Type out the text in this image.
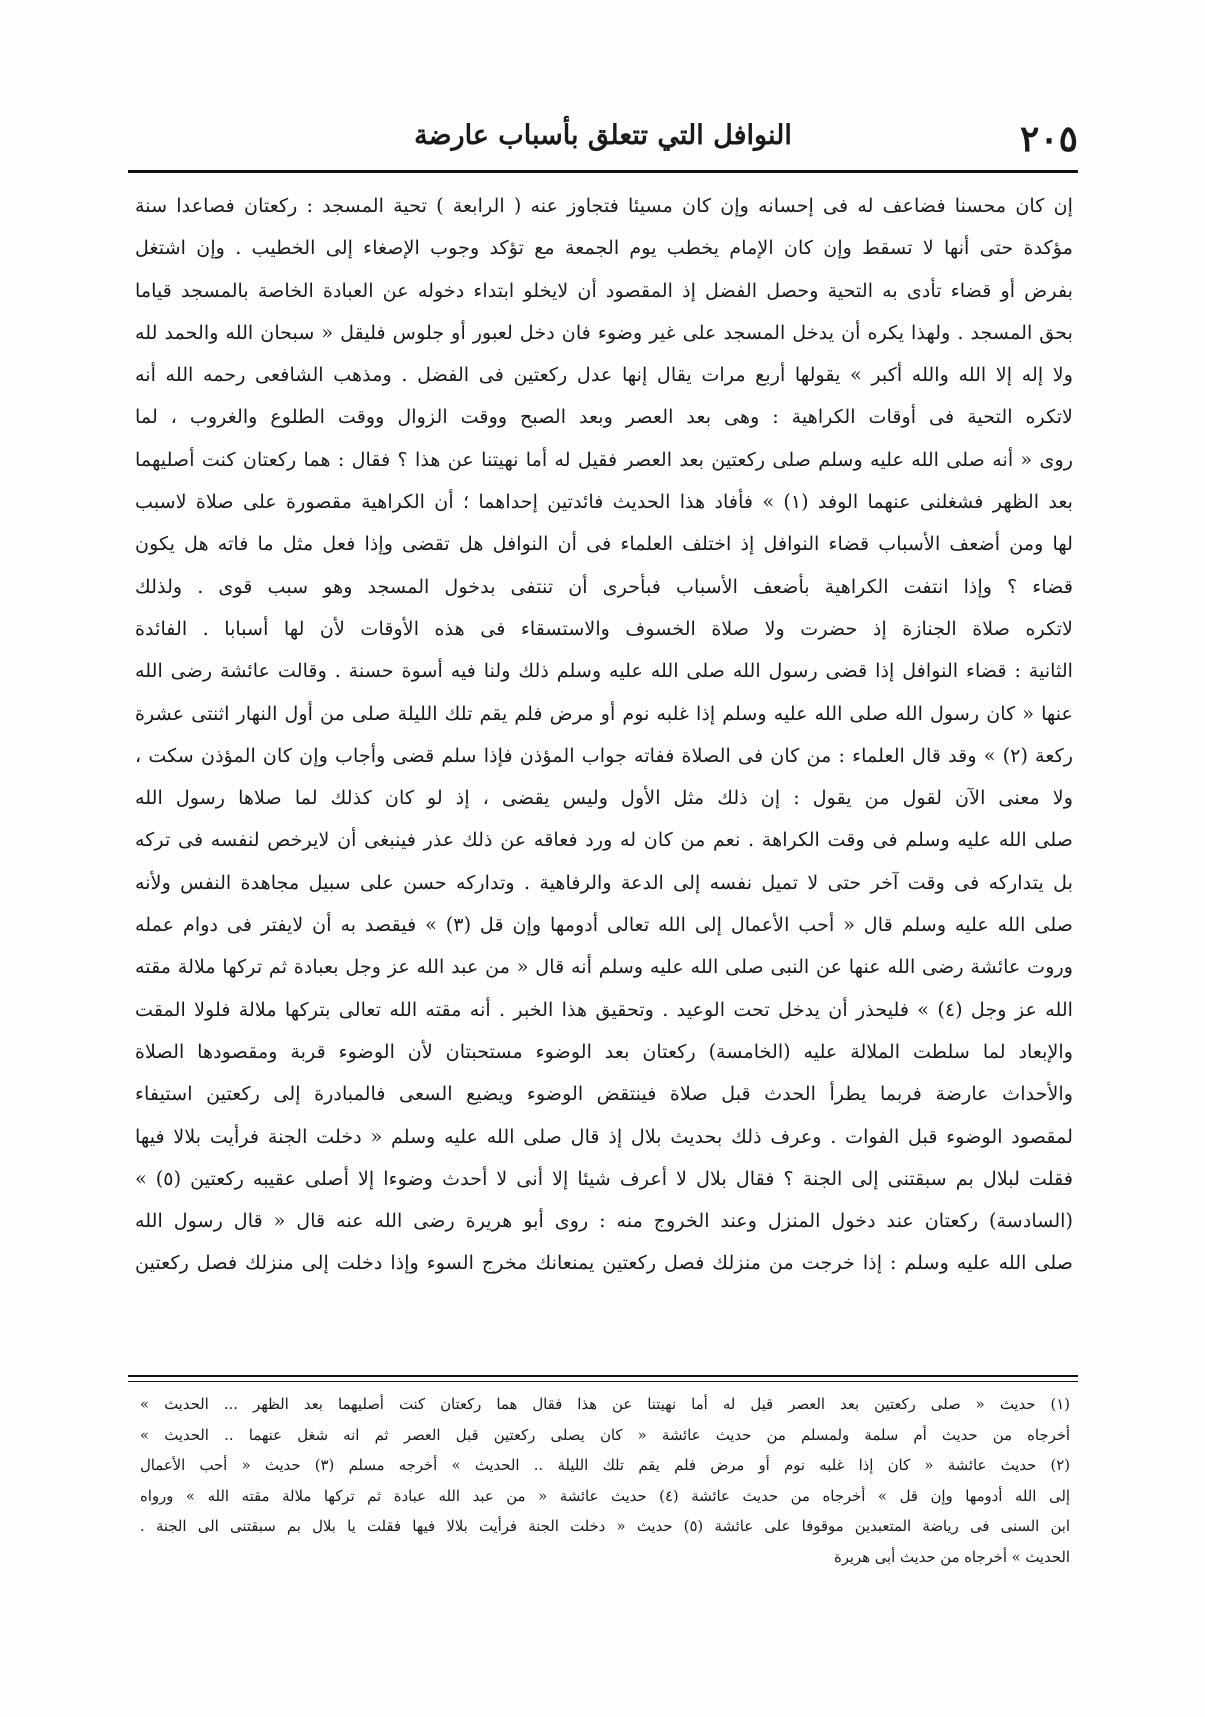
٢٠٥
النوافل التي تتعلق بأسباب عارضة
إن كان محسنا فضاعف له فى إحسانه وإن كان مسيئا فتجاوز عنه ( الرابعة ) تحية المسجد : ركعتان فصاعدا سنة
مؤكدة حتى أنها لا تسقط وإن كان الإمام يخطب يوم الجمعة مع تؤكد وجوب الإصغاء إلى الخطيب . وإن اشتغل
بفرض أو قضاء تأدى به التحية وحصل الفضل إذ المقصود أن لايخلو ابتداء دخوله عن العبادة الخاصة بالمسجد قياما
بحق المسجد . ولهذا يكره أن يدخل المسجد على غير وضوء فان دخل لعبور أو جلوس فليقل « سبحان الله والحمد لله
ولا إله إلا الله والله أكبر » يقولها أربع مرات يقال إنها عدل ركعتين فى الفضل . ومذهب الشافعى رحمه الله أنه
لاتكره التحية فى أوقات الكراهية : وهى بعد العصر وبعد الصبح ووقت الزوال ووقت الطلوع والغروب ، لما
روى « أنه صلى الله عليه وسلم صلى ركعتين بعد العصر فقيل له أما نهيتنا عن هذا ؟ فقال : هما ركعتان كنت أصليهما
بعد الظهر فشغلنى عنهما الوفد (١) » فأفاد هذا الحديث فائدتين إحداهما ؛ أن الكراهية مقصورة على صلاة لاسبب
لها ومن أضعف الأسباب قضاء النوافل إذ اختلف العلماء فى أن النوافل هل تقضى وإذا فعل مثل ما فاته هل يكون
قضاء ؟ وإذا انتفت الكراهية بأضعف الأسباب فبأحرى أن تنتفى بدخول المسجد وهو سبب قوى . ولذلك
لاتكره صلاة الجنازة إذ حضرت ولا صلاة الخسوف والاستسقاء فى هذه الأوقات لأن لها أسبابا . الفائدة
الثانية : قضاء النوافل إذا قضى رسول الله صلى الله عليه وسلم ذلك ولنا فيه أسوة حسنة . وقالت عائشة رضى الله
عنها « كان رسول الله صلى الله عليه وسلم إذا غلبه نوم أو مرض فلم يقم تلك الليلة صلى من أول النهار اثنتى عشرة
ركعة (٢) » وقد قال العلماء : من كان فى الصلاة ففاته جواب المؤذن فإذا سلم قضى وأجاب وإن كان المؤذن سكت ،
ولا معنى الآن لقول من يقول : إن ذلك مثل الأول وليس يقضى ، إذ لو كان كذلك لما صلاها رسول الله
صلى الله عليه وسلم فى وقت الكراهة . نعم من كان له ورد فعاقه عن ذلك عذر فينبغى أن لايرخص لنفسه فى تركه
بل يتداركه فى وقت آخر حتى لا تميل نفسه إلى الدعة والرفاهية . وتداركه حسن على سبيل مجاهدة النفس ولأنه
صلى الله عليه وسلم قال « أحب الأعمال إلى الله تعالى أدومها وإن قل (٣) » فيقصد به أن لايفتر فى دوام عمله
وروت عائشة رضى الله عنها عن النبى صلى الله عليه وسلم أنه قال « من عبد الله عز وجل بعبادة ثم تركها ملالة مقته
الله عز وجل (٤) » فليحذر أن يدخل تحت الوعيد . وتحقيق هذا الخبر . أنه مقته الله تعالى بتركها ملالة فلولا المقت
والإبعاد لما سلطت الملالة عليه (الخامسة) ركعتان بعد الوضوء مستحبتان لأن الوضوء قربة ومقصودها الصلاة
والأحداث عارضة فربما يطرأ الحدث قبل صلاة فينتقض الوضوء ويضيع السعى فالمبادرة إلى ركعتين استيفاء
لمقصود الوضوء قبل الفوات . وعرف ذلك بحديث بلال إذ قال صلى الله عليه وسلم « دخلت الجنة فرأيت بلالا فيها
فقلت لبلال بم سبقتنى إلى الجنة ؟ فقال بلال لا أعرف شيئا إلا أنى لا أحدث وضوءا إلا أصلى عقيبه ركعتين (٥) »
(السادسة) ركعتان عند دخول المنزل وعند الخروج منه : روى أبو هريرة رضى الله عنه قال « قال رسول الله
صلى الله عليه وسلم : إذا خرجت من منزلك فصل ركعتين يمنعانك مخرج السوء وإذا دخلت إلى منزلك فصل ركعتين
(١) حديث « صلى ركعتين بعد العصر قيل له أما نهيتنا عن هذا فقال هما ركعتان كنت أصليهما بعد الظهر ... الحديث »
أخرجاه من حديث أم سلمة ولمسلم من حديث عائشة « كان يصلى ركعتين قبل العصر ثم انه شغل عنهما .. الحديث »
(٢) حديث عائشة « كان إذا غلبه نوم أو مرض فلم يقم تلك الليلة .. الحديث » أخرجه مسلم (٣) حديث « أحب الأعمال
إلى الله أدومها وإن قل » أخرجاه من حديث عائشة (٤) حديث عائشة « من عبد الله عبادة ثم تركها ملالة مقته الله » ورواه
ابن السنى فى رياضة المتعبدين موقوفا على عائشة (٥) حديث « دخلت الجنة فرأيت بلالا فيها فقلت يا بلال بم سبقتنى الى الجنة .
الحديث » أخرجاه من حديث أبى هريرة
